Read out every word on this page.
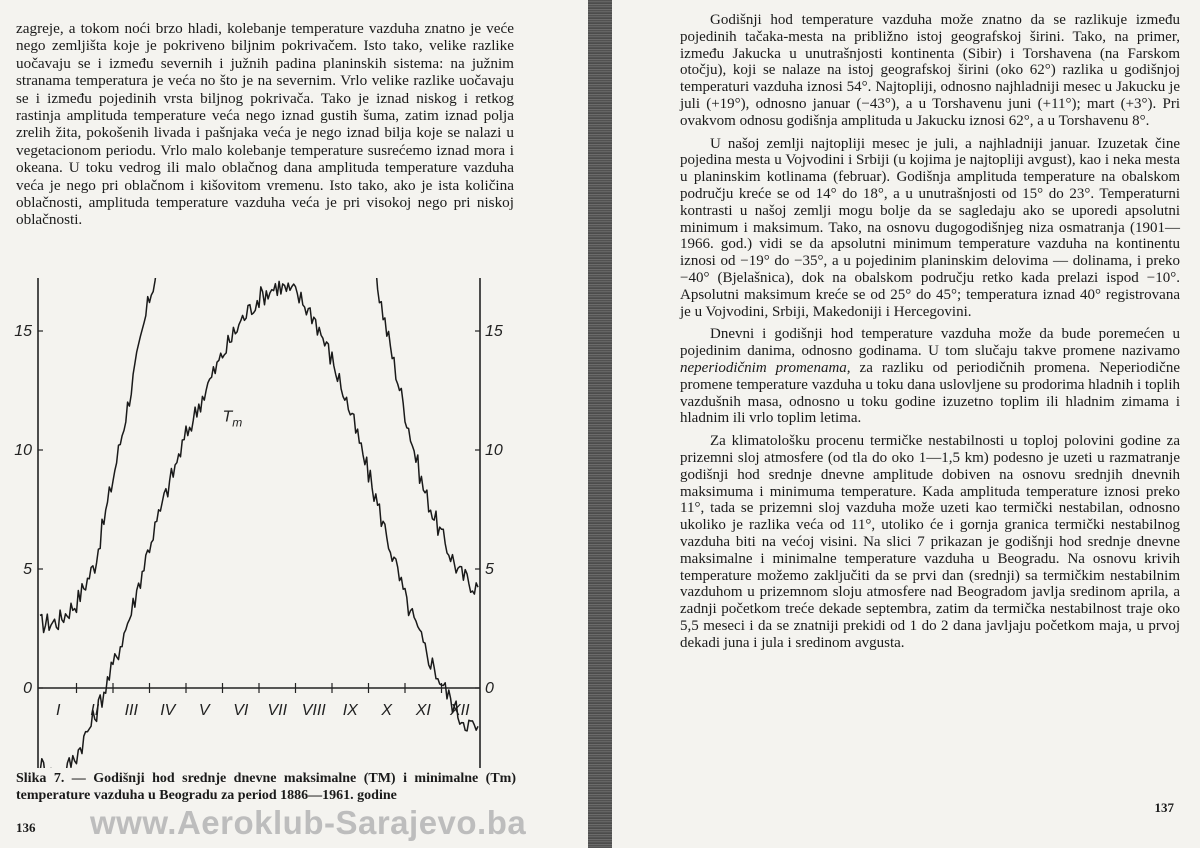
zagreje, a tokom noći brzo hladi, kolebanje temperature vazduha znatno je veće nego zemljišta koje je pokriveno biljnim pokrivačem. Isto tako, velike razlike uočavaju se i između severnih i južnih padina planinskih sistema: na južnim stranama temperatura je veća no što je na severnim. Vrlo velike razlike uočavaju se i između pojedinih vrsta biljnog pokrivača. Tako je iznad niskog i retkog rastinja amplituda temperature veća nego iznad gustih šuma, zatim iznad polja zrelih žita, pokošenih livada i pašnjaka veća je nego iznad bilja koje se nalazi u vegetacionom periodu. Vrlo malo kolebanje temperature susrećemo iznad mora i okeana. U toku vedrog ili malo oblačnog dana amplituda temperature vazduha veća je nego pri oblačnom i kišovitom vremenu. Isto tako, ako je ista količina oblačnosti, amplituda temperature vazduha veća je pri visokoj nego pri niskoj oblačnosti.

15
10
5
0
15
10
5
0
I II III IV V VI VII VIII IX X XI XII
$T_m$

Slika 7. — Godišnji hod srednje dnevne maksimalne (TM) i minimalne (Tm) temperature vazduha u Beogradu za period 1886—1961. godine

136 www.Aeroklub-Sarajevo.ba

Godišnji hod temperature vazduha može znatno da se razlikuje između pojedinih tačaka-mesta na približno istoj geografskoj širini. Tako, na primer, između Jakucka u unutrašnjosti kontinenta (Sibir) i Torshavena (na Farskom otočju), koji se nalaze na istoj geografskoj širini (oko 62°) razlika u godišnjoj temperaturi vazduha iznosi 54°. Najtopliji, odnosno najhladniji mesec u Jakucku je juli (+19°), odnosno januar (−43°), a u Torshavenu juni (+11°); mart (+3°). Pri ovakvom odnosu godišnja amplituda u Jakucku iznosi 62°, a u Torshavenu 8°.

U našoj zemlji najtopliji mesec je juli, a najhladniji januar. Izuzetak čine pojedina mesta u Vojvodini i Srbiji (u kojima je najtopliji avgust), kao i neka mesta u planinskim kotlinama (februar). Godišnja amplituda temperature na obalskom području kreće se od 14° do 18°, a u unutrašnjosti od 15° do 23°. Temperaturni kontrasti u našoj zemlji mogu bolje da se sagledaju ako se uporedi apsolutni minimum i maksimum. Tako, na osnovu dugogodišnjeg niza osmatranja (1901—1966. god.) vidi se da apsolutni minimum temperature vazduha na kontinentu iznosi od −19° do −35°, a u pojedinim planinskim delovima — dolinama, i preko −40° (Bjelašnica), dok na obalskom području retko kada prelazi ispod −10°. Apsolutni maksimum kreće se od 25° do 45°; temperatura iznad 40° registrovana je u Vojvodini, Srbiji, Makedoniji i Hercegovini.

Dnevni i godišnji hod temperature vazduha može da bude poremećen u pojedinim danima, odnosno godinama. U tom slučaju takve promene nazivamo neperiodičnim promenama, za razliku od periodičnih promena. Neperiodične promene temperature vazduha u toku dana uslovljene su prodorima hladnih i toplih vazdušnih masa, odnosno u toku godine izuzetno toplim ili hladnim zimama i hladnim ili vrlo toplim letima.

Za klimatološku procenu termičke nestabilnosti u toploj polovini godine za prizemni sloj atmosfere (od tla do oko 1—1,5 km) podesno je uzeti u razmatranje godišnji hod srednje dnevne amplitude dobiven na osnovu srednjih dnevnih maksimuma i minimuma temperature. Kada amplituda temperature iznosi preko 11°, tada se prizemni sloj vazduha može uzeti kao termički nestabilan, odnosno ukoliko je razlika veća od 11°, utoliko će i gornja granica termički nestabilnog vazduha biti na većoj visini. Na slici 7 prikazan je godišnji hod srednje dnevne maksimalne i minimalne temperature vazduha u Beogradu. Na osnovu krivih temperature možemo zaključiti da se prvi dan (srednji) sa termičkim nestabilnim vazduhom u prizemnom sloju atmosfere nad Beogradom javlja sredinom aprila, a zadnji početkom treće dekade septembra, zatim da termička nestabilnost traje oko 5,5 meseci i da se znatniji prekidi od 1 do 2 dana javljaju početkom maja, u prvoj dekadi juna i jula i sredinom avgusta.

137
